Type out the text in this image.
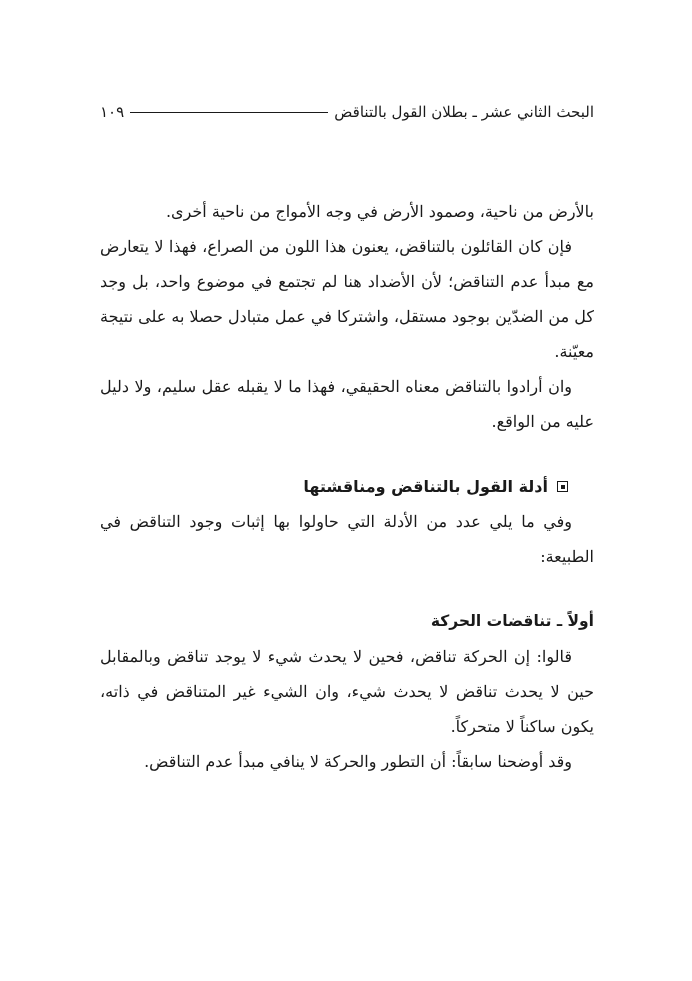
البحث الثاني عشر ـ بطلان القول بالتناقض
١٠٩

بالأرض من ناحية، وصمود الأرض في وجه الأمواج من ناحية أخرى.

فإن كان القائلون بالتناقض، يعنون هذا اللون من الصراع، فهذا لا يتعارض مع مبدأ عدم التناقض؛ لأن الأضداد هنا لم تجتمع في موضوع واحد، بل وجد كل من الضدّين بوجود مستقل، واشتركا في عمل متبادل حصلا به على نتيجة معيّنة.

وان أرادوا بالتناقض معناه الحقيقي، فهذا ما لا يقبله عقل سليم، ولا دليل عليه من الواقع.

أدلة القول بالتناقض ومناقشتها

وفي ما يلي عدد من الأدلة التي حاولوا بها إثبات وجود التناقض في الطبيعة:

أولاً ـ تناقضات الحركة

قالوا: إن الحركة تناقض، فحين لا يحدث شيء لا يوجد تناقض وبالمقابل حين لا يحدث تناقض لا يحدث شيء، وان الشيء غير المتناقض في ذاته، يكون ساكناً لا متحركاً.

وقد أوضحنا سابقاً: أن التطور والحركة لا ينافي مبدأ عدم التناقض.
